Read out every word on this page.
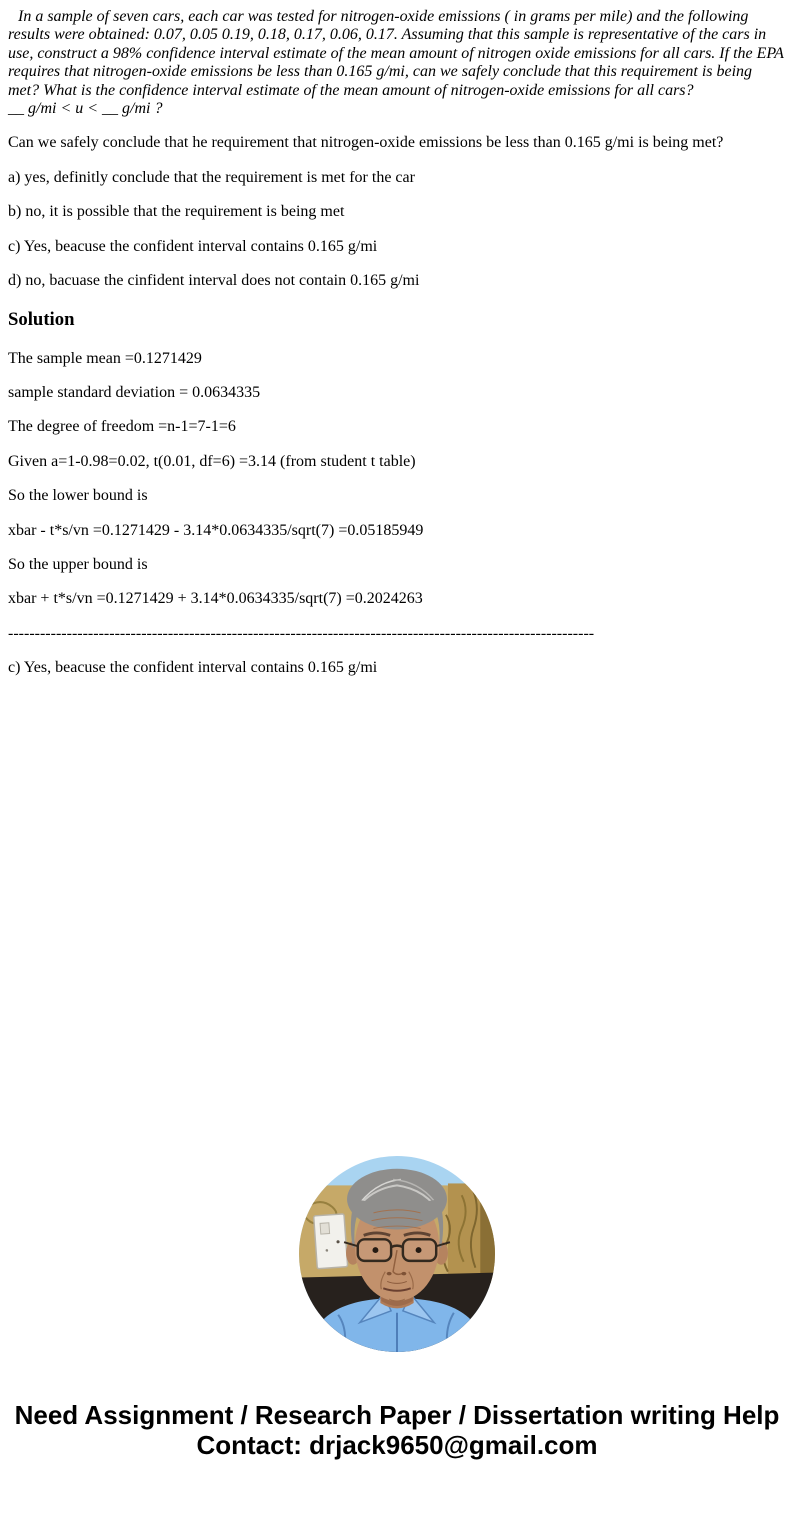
In a sample of seven cars, each car was tested for nitrogen-oxide emissions ( in grams per mile) and the following results were obtained: 0.07, 0.05 0.19, 0.18, 0.17, 0.06, 0.17. Assuming that this sample is representative of the cars in use, construct a 98% confidence interval estimate of the mean amount of nitrogen oxide emissions for all cars. If the EPA requires that nitrogen-oxide emissions be less than 0.165 g/mi, can we safely conclude that this requirement is being met? What is the confidence interval estimate of the mean amount of nitrogen-oxide emissions for all cars?
__ g/mi < u < __ g/mi ?

Can we safely conclude that he requirement that nitrogen-oxide emissions be less than 0.165 g/mi is being met?

a) yes, definitly conclude that the requirement is met for the car

b) no, it is possible that the requirement is being met

c) Yes, beacuse the confident interval contains 0.165 g/mi

d) no, bacuase the cinfident interval does not contain 0.165 g/mi

Solution

The sample mean =0.1271429

sample standard deviation = 0.0634335

The degree of freedom =n-1=7-1=6

Given a=1-0.98=0.02, t(0.01, df=6) =3.14 (from student t table)

So the lower bound is

xbar - t*s/vn =0.1271429 - 3.14*0.0634335/sqrt(7) =0.05185949

So the upper bound is

xbar + t*s/vn =0.1271429 + 3.14*0.0634335/sqrt(7) =0.2024263

--------------------------------------------------------------------------------------------------------------

c) Yes, beacuse the confident interval contains 0.165 g/mi

Need Assignment / Research Paper / Dissertation writing Help

Contact: drjack9650@gmail.com
